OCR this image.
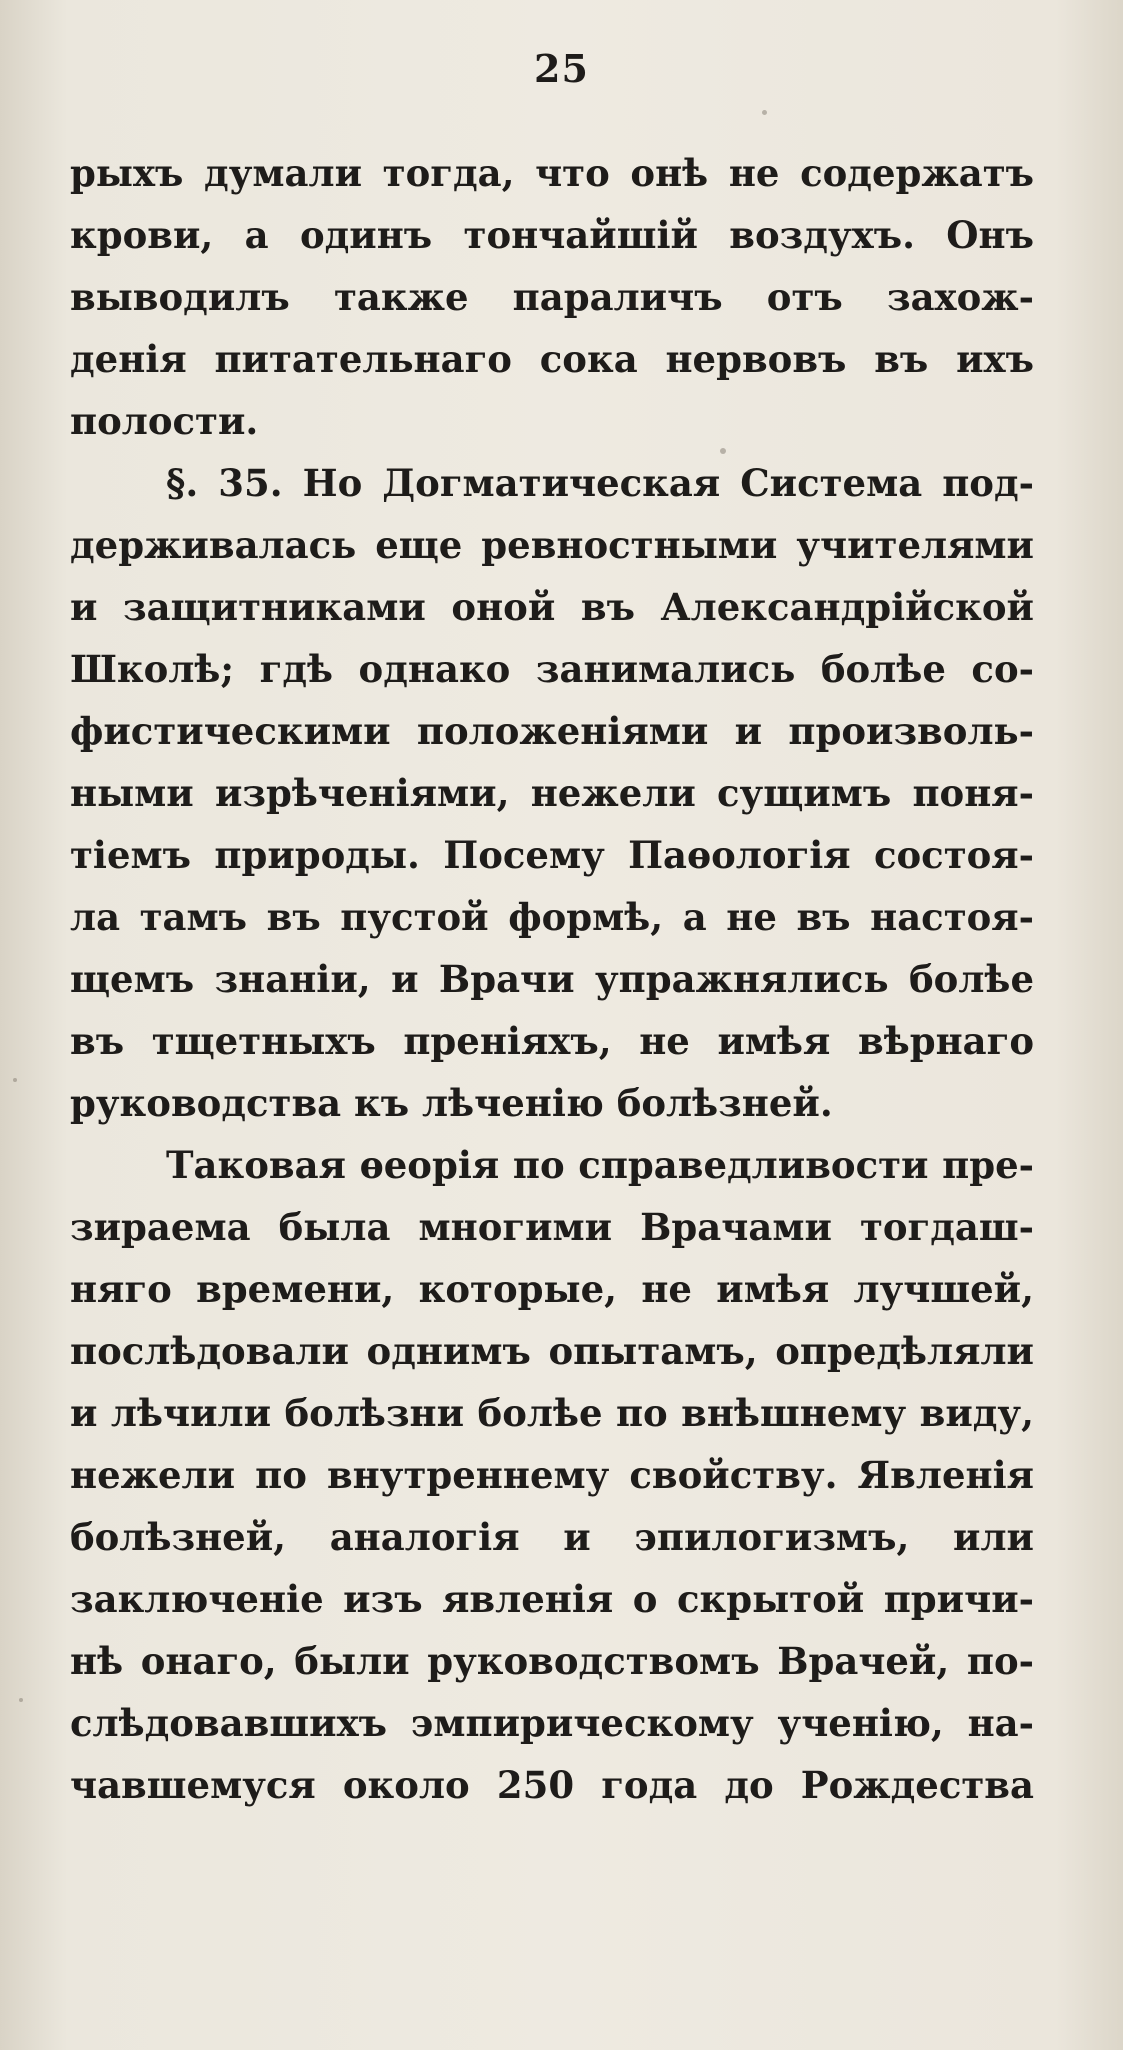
25
рыхъ думали тогда, что онѣ не содержатъ
крови, а одинъ тончайшій воздухъ. Онъ
выводилъ также параличъ отъ захож-
денія питательнаго сока нервовъ въ ихъ
полости.
§. 35. Но Догматическая Система под-
держивалась еще ревностными учителями
и защитниками оной въ Александрійской
Школѣ; гдѣ однако занимались болѣе со-
фистическими положеніями и произволь-
ными изрѣченіями, нежели сущимъ поня-
тіемъ природы. Посему Паѳологія состоя-
ла тамъ въ пустой формѣ, а не въ настоя-
щемъ знаніи, и Врачи упражнялись болѣе
въ тщетныхъ преніяхъ, не имѣя вѣрнаго
руководства къ лѣченію болѣзней.
Таковая ѳеорія по справедливости пре-
зираема была многими Врачами тогдаш-
няго времени, которые, не имѣя лучшей,
послѣдовали однимъ опытамъ, опредѣляли
и лѣчили болѣзни болѣе по внѣшнему виду,
нежели по внутреннему свойству. Явленія
болѣзней, аналогія и эпилогизмъ, или
заключеніе изъ явленія о скрытой причи-
нѣ онаго, были руководствомъ Врачей, по-
слѣдовавшихъ эмпирическому ученію, на-
чавшемуся около 250 года до Рождества
